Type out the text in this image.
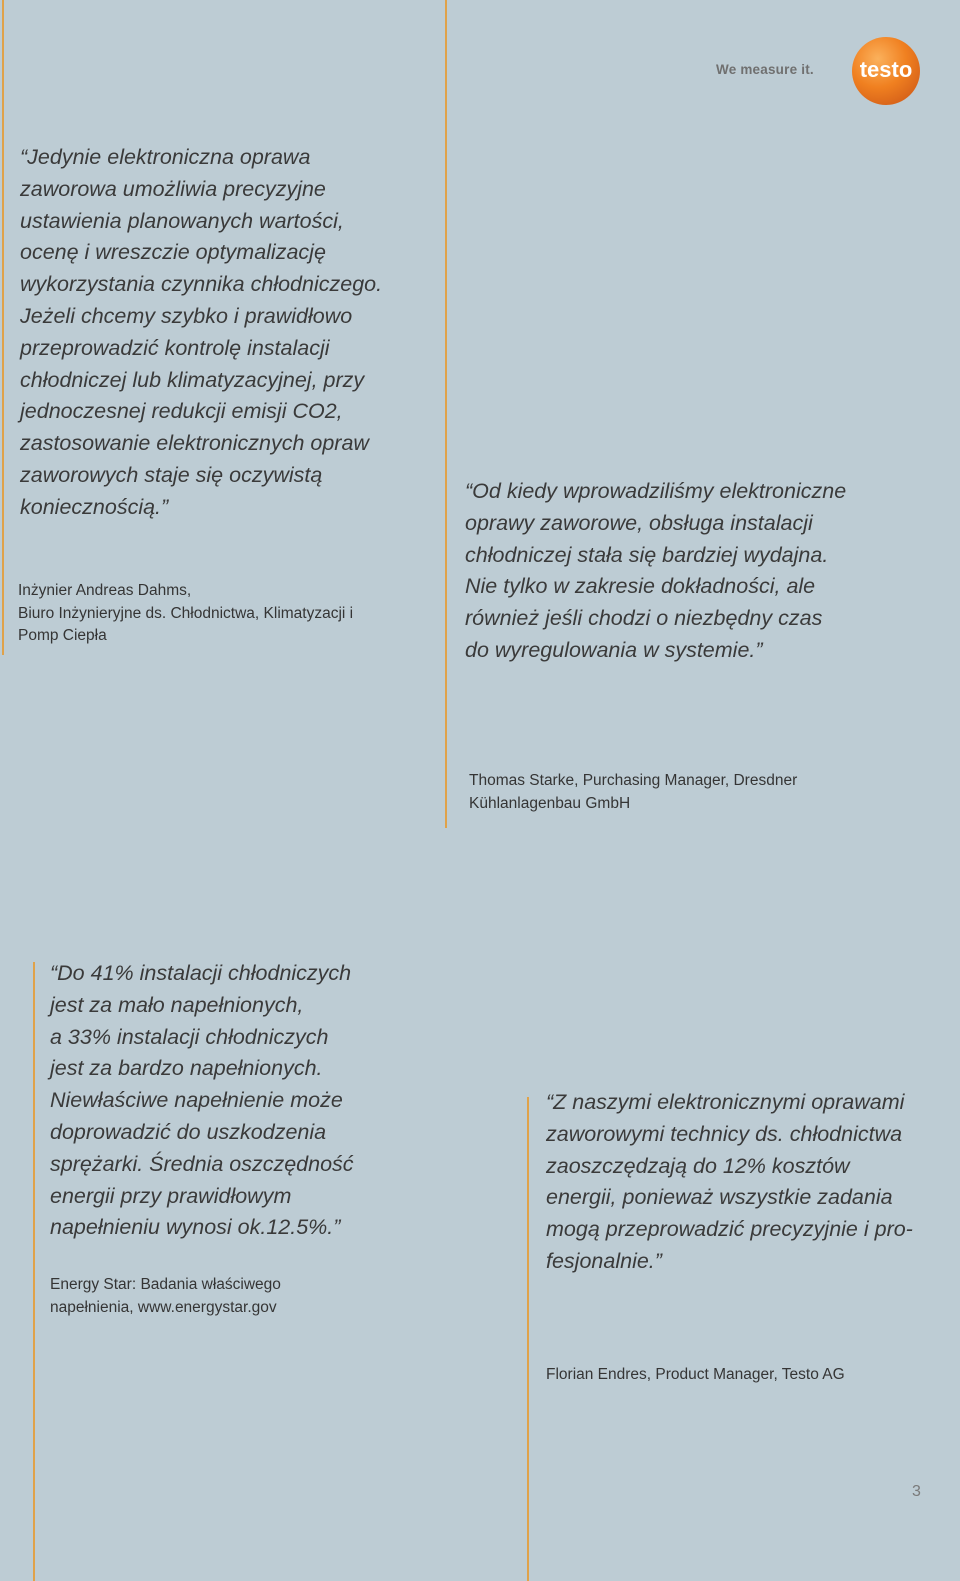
We measure it. testo

“Jedynie elektroniczna oprawa
zaworowa umożliwia precyzyjne
ustawienia planowanych wartości,
ocenę i wreszczie optymalizację
wykorzystania czynnika chłodniczego.
Jeżeli chcemy szybko i prawidłowo
przeprowadzić kontrolę instalacji
chłodniczej lub klimatyzacyjnej, przy
jednoczesnej redukcji emisji CO2,
zastosowanie elektronicznych opraw
zaworowych staje się oczywistą
koniecznością.”

Inżynier Andreas Dahms,
Biuro Inżynieryjne ds. Chłodnictwa, Klimatyzacji i
Pomp Ciepła

“Od kiedy wprowadziliśmy elektroniczne
oprawy zaworowe, obsługa instalacji
chłodniczej stała się bardziej wydajna.
Nie tylko w zakresie dokładności, ale
również jeśli chodzi o niezbędny czas
do wyregulowania w systemie.”

Thomas Starke, Purchasing Manager, Dresdner
Kühlanlagenbau GmbH

“Do 41% instalacji chłodniczych
jest za mało napełnionych,
a 33% instalacji chłodniczych
jest za bardzo napełnionych.
Niewłaściwe napełnienie może
doprowadzić do uszkodzenia
sprężarki. Średnia oszczędność
energii przy prawidłowym
napełnieniu wynosi ok.12.5%.”

Energy Star: Badania właściwego
napełnienia, www.energystar.gov

“Z naszymi elektronicznymi oprawami
zaworowymi technicy ds. chłodnictwa
zaoszczędzają do 12% kosztów
energii, ponieważ wszystkie zadania
mogą przeprowadzić precyzyjnie i pro-
fesjonalnie.”

Florian Endres, Product Manager, Testo AG

3
